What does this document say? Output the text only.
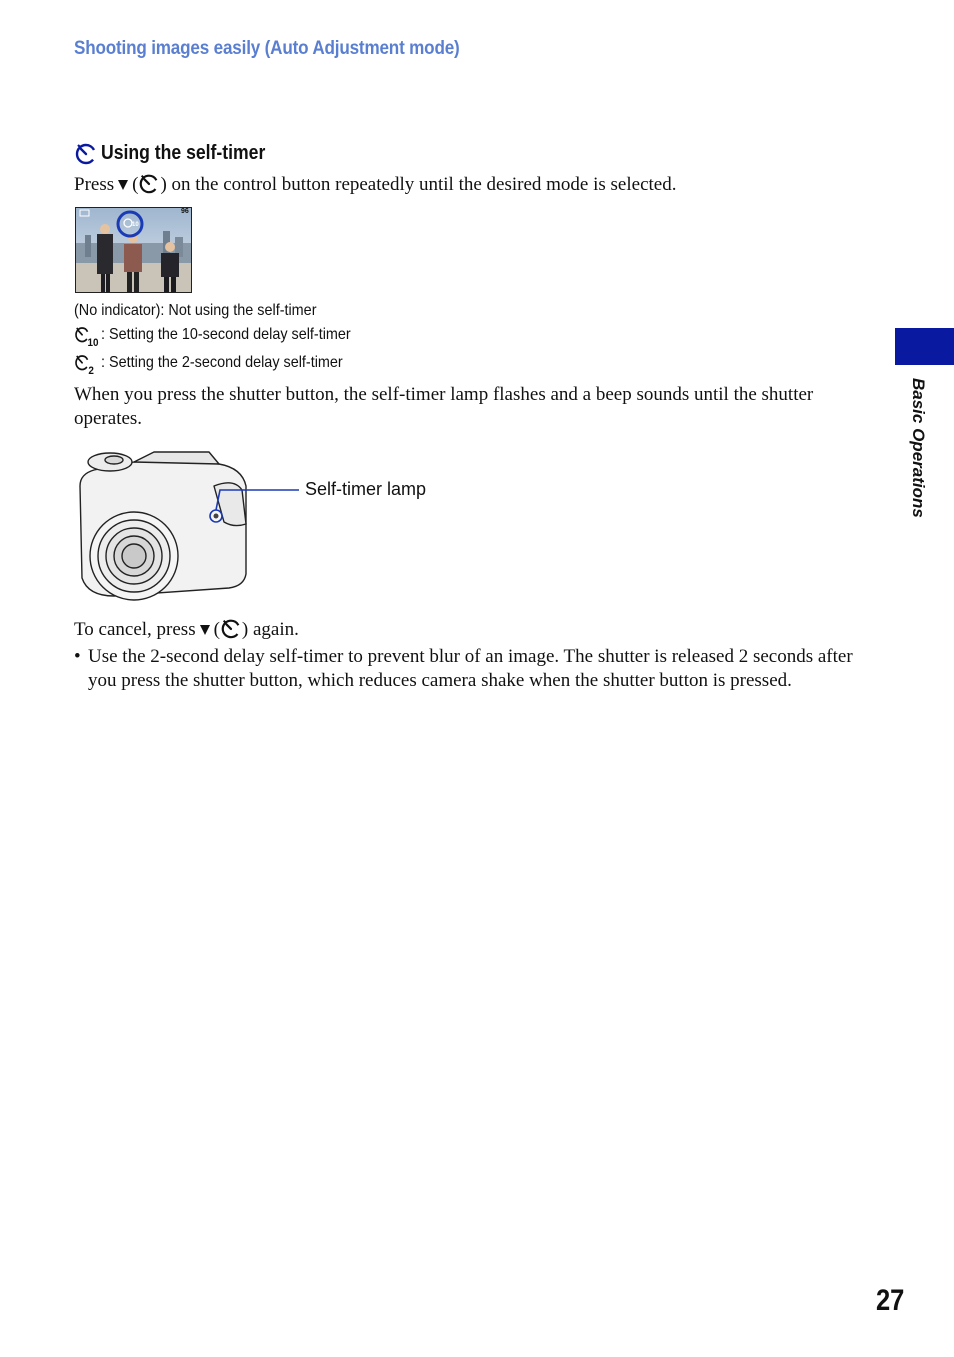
Shooting images easily (Auto Adjustment mode)
Using the self-timer
Press ( ) on the control button repeatedly until the desired mode is selected.
96
10
(No indicator): Not using the self-timer
10 : Setting the 10-second delay self-timer
2 : Setting the 2-second delay self-timer
When you press the shutter button, the self-timer lamp flashes and a beep sounds until the shutter operates.
Self-timer lamp
To cancel, press ( ) again.
• Use the 2-second delay self-timer to prevent blur of an image. The shutter is released 2 seconds after you press the shutter button, which reduces camera shake when the shutter button is pressed.
Basic Operations
27
